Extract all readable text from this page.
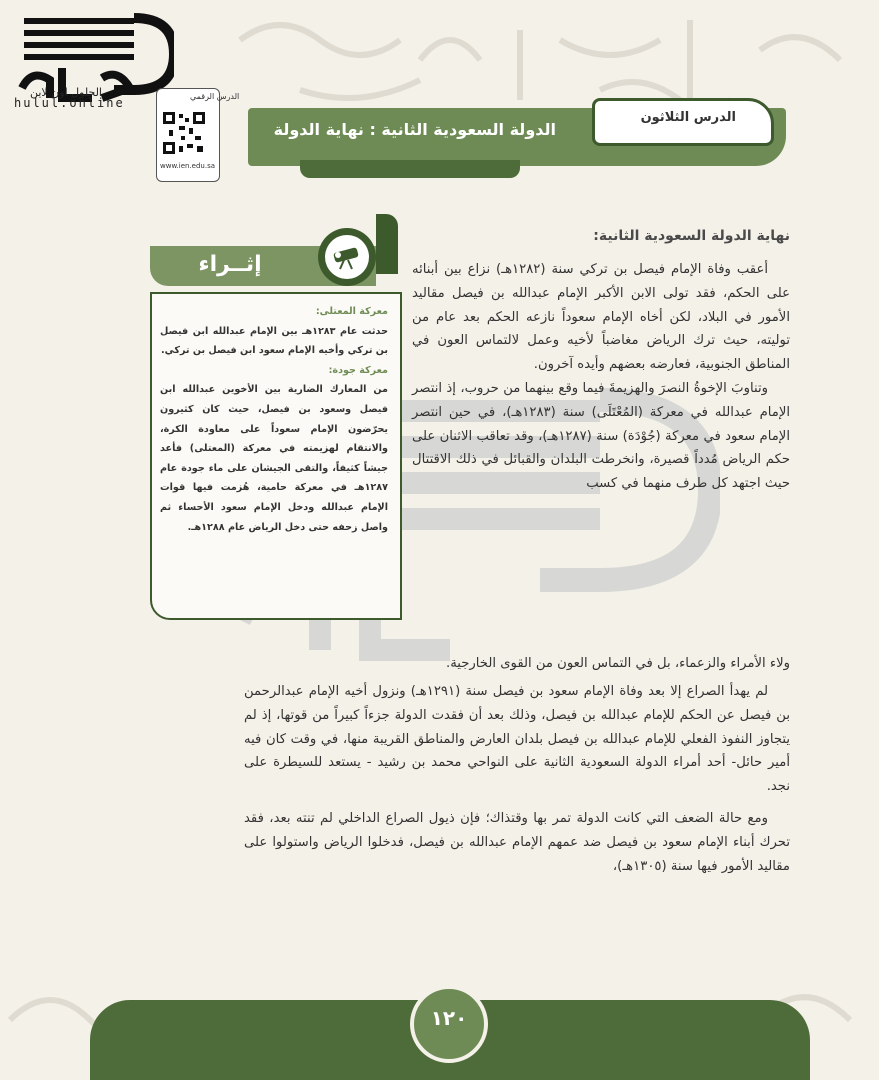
الحلول اون لاين
hulul.online	الدرس الرقمي
www.ien.edu.sa
الدولة السعودية الثانية : نهاية الدولة
الدرس الثلاثون
إثــراء
معركة المعتلى:
حدثت عام ١٢٨٣هـ بين الإمام عبدالله ابن فيصل بن تركي وأخيه الإمام سعود ابن فيصل بن تركي.
معركة جودة:
من المعارك الضارية بين الأخوين عبدالله ابن فيصل وسعود بن فيصل، حيث كان كثيرون يحرّضون الإمام سعوداً على معاودة الكرة، والانتقام لهزيمته في معركة (المعتلى) فأعد جيشاً كثيفاً، والتقى الجيشان على ماء جودة عام ١٢٨٧هـ في معركة حامية، هُزمت فيها قوات الإمام عبدالله ودخل الإمام سعود الأحساء ثم واصل زحفه حتى دخل الرياض عام ١٢٨٨هـ.
نهاية الدولة السعودية الثانية:

أعقب وفاة الإمام فيصل بن تركي سنة (١٢٨٢هـ) نزاع بين أبنائه على الحكم، فقد تولى الابن الأكبر الإمام عبدالله بن فيصل مقاليد الأمور في البلاد، لكن أخاه الإمام سعوداً نازعه الحكم بعد عام من توليته، حيث ترك الرياض مغاضباً لأخيه وعمل لالتماس العون في المناطق الجنوبية، فعارضه بعضهم وأيده آخرون.

وتناوبَ الإخوةُ النصرَ والهزيمةَ فيما وقع بينهما من حروب، إذ انتصر الإمام عبدالله في معركة (المُعْتَلَى) سنة (١٢٨٣هـ)، في حين انتصر الإمام سعود في معركة (جُوْدَة) سنة (١٢٨٧هـ)، وقد تعاقب الاثنان على حكم الرياض مُدداً قصيرة، وانخرطت البلدان والقبائل في ذلك الاقتتال حيث اجتهد كل طرف منهما في كسب

ولاء الأمراء والزعماء، بل في التماس العون من القوى الخارجية.

لم يهدأ الصراع إلا بعد وفاة الإمام سعود بن فيصل سنة (١٢٩١هـ) ونزول أخيه الإمام عبدالرحمن بن فيصل عن الحكم للإمام عبدالله بن فيصل، وذلك بعد أن فقدت الدولة جزءاً كبيراً من قوتها، إذ لم يتجاوز النفوذ الفعلي للإمام عبدالله بن فيصل بلدان العارض والمناطق القريبة منها، في وقت كان فيه أمير حائل- أحد أمراء الدولة السعودية الثانية على النواحي محمد بن رشيد - يستعد للسيطرة على نجد.

ومع حالة الضعف التي كانت الدولة تمر بها وقتذاك؛ فإن ذيول الصراع الداخلي لم تنته بعد، فقد تحرك أبناء الإمام سعود بن فيصل ضد عمهم الإمام عبدالله بن فيصل، فدخلوا الرياض واستولوا على مقاليد الأمور فيها سنة (١٣٠٥هـ)،

١٢٠
